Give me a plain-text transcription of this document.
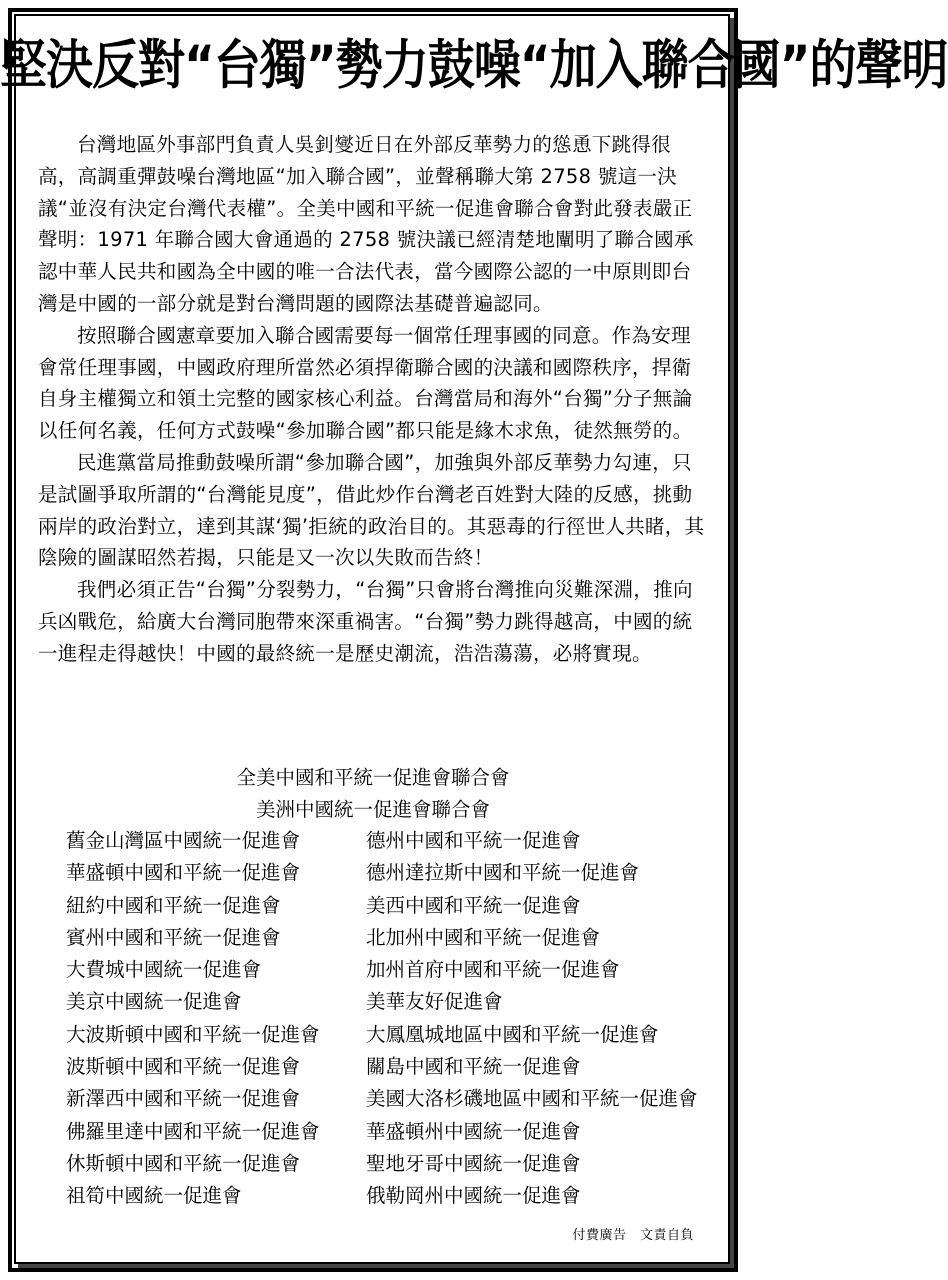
堅決反對“台獨”勢力鼓噪“加入聯合國”的聲明

台灣地區外事部門負責人吳釗燮近日在外部反華勢力的慫恿下跳得很高，高調重彈鼓噪台灣地區“加入聯合國”，並聲稱聯大第 2758 號這一決議“並沒有決定台灣代表權”。全美中國和平統一促進會聯合會對此發表嚴正聲明：1971 年聯合國大會通過的 2758 號決議已經清楚地闡明了聯合國承認中華人民共和國為全中國的唯一合法代表，當今國際公認的一中原則即台灣是中國的一部分就是對台灣問題的國際法基礎普遍認同。

按照聯合國憲章要加入聯合國需要每一個常任理事國的同意。作為安理會常任理事國，中國政府理所當然必須捍衛聯合國的決議和國際秩序，捍衛自身主權獨立和領土完整的國家核心利益。台灣當局和海外“台獨”分子無論以任何名義，任何方式鼓噪“參加聯合國”都只能是緣木求魚，徒然無勞的。

民進黨當局推動鼓噪所謂“參加聯合國”，加強與外部反華勢力勾連，只是試圖爭取所謂的“台灣能見度”，借此炒作台灣老百姓對大陸的反感，挑動兩岸的政治對立，達到其謀‘獨’拒統的政治目的。其惡毒的行徑世人共睹，其陰險的圖謀昭然若揭，只能是又一次以失敗而告終！

我們必須正告“台獨”分裂勢力，“台獨”只會將台灣推向災難深淵，推向兵凶戰危，給廣大台灣同胞帶來深重禍害。“台獨”勢力跳得越高，中國的統一進程走得越快！中國的最終統一是歷史潮流，浩浩蕩蕩，必將實現。

全美中國和平統一促進會聯合會
美洲中國統一促進會聯合會
舊金山灣區中國統一促進會
華盛頓中國和平統一促進會
紐約中國和平統一促進會
賓州中國和平統一促進會
大費城中國統一促進會
美京中國統一促進會
大波斯頓中國和平統一促進會
波斯頓中國和平統一促進會
新澤西中國和平統一促進會
佛羅里達中國和平統一促進會
休斯頓中國和平統一促進會
祖筍中國統一促進會
德州中國和平統一促進會
德州達拉斯中國和平統一促進會
美西中國和平統一促進會
北加州中國和平統一促進會
加州首府中國和平統一促進會
美華友好促進會
大鳳凰城地區中國和平統一促進會
關島中國和平統一促進會
美國大洛杉磯地區中國和平統一促進會
華盛頓州中國統一促進會
聖地牙哥中國統一促進會
俄勒岡州中國統一促進會
付費廣告　文責自負
